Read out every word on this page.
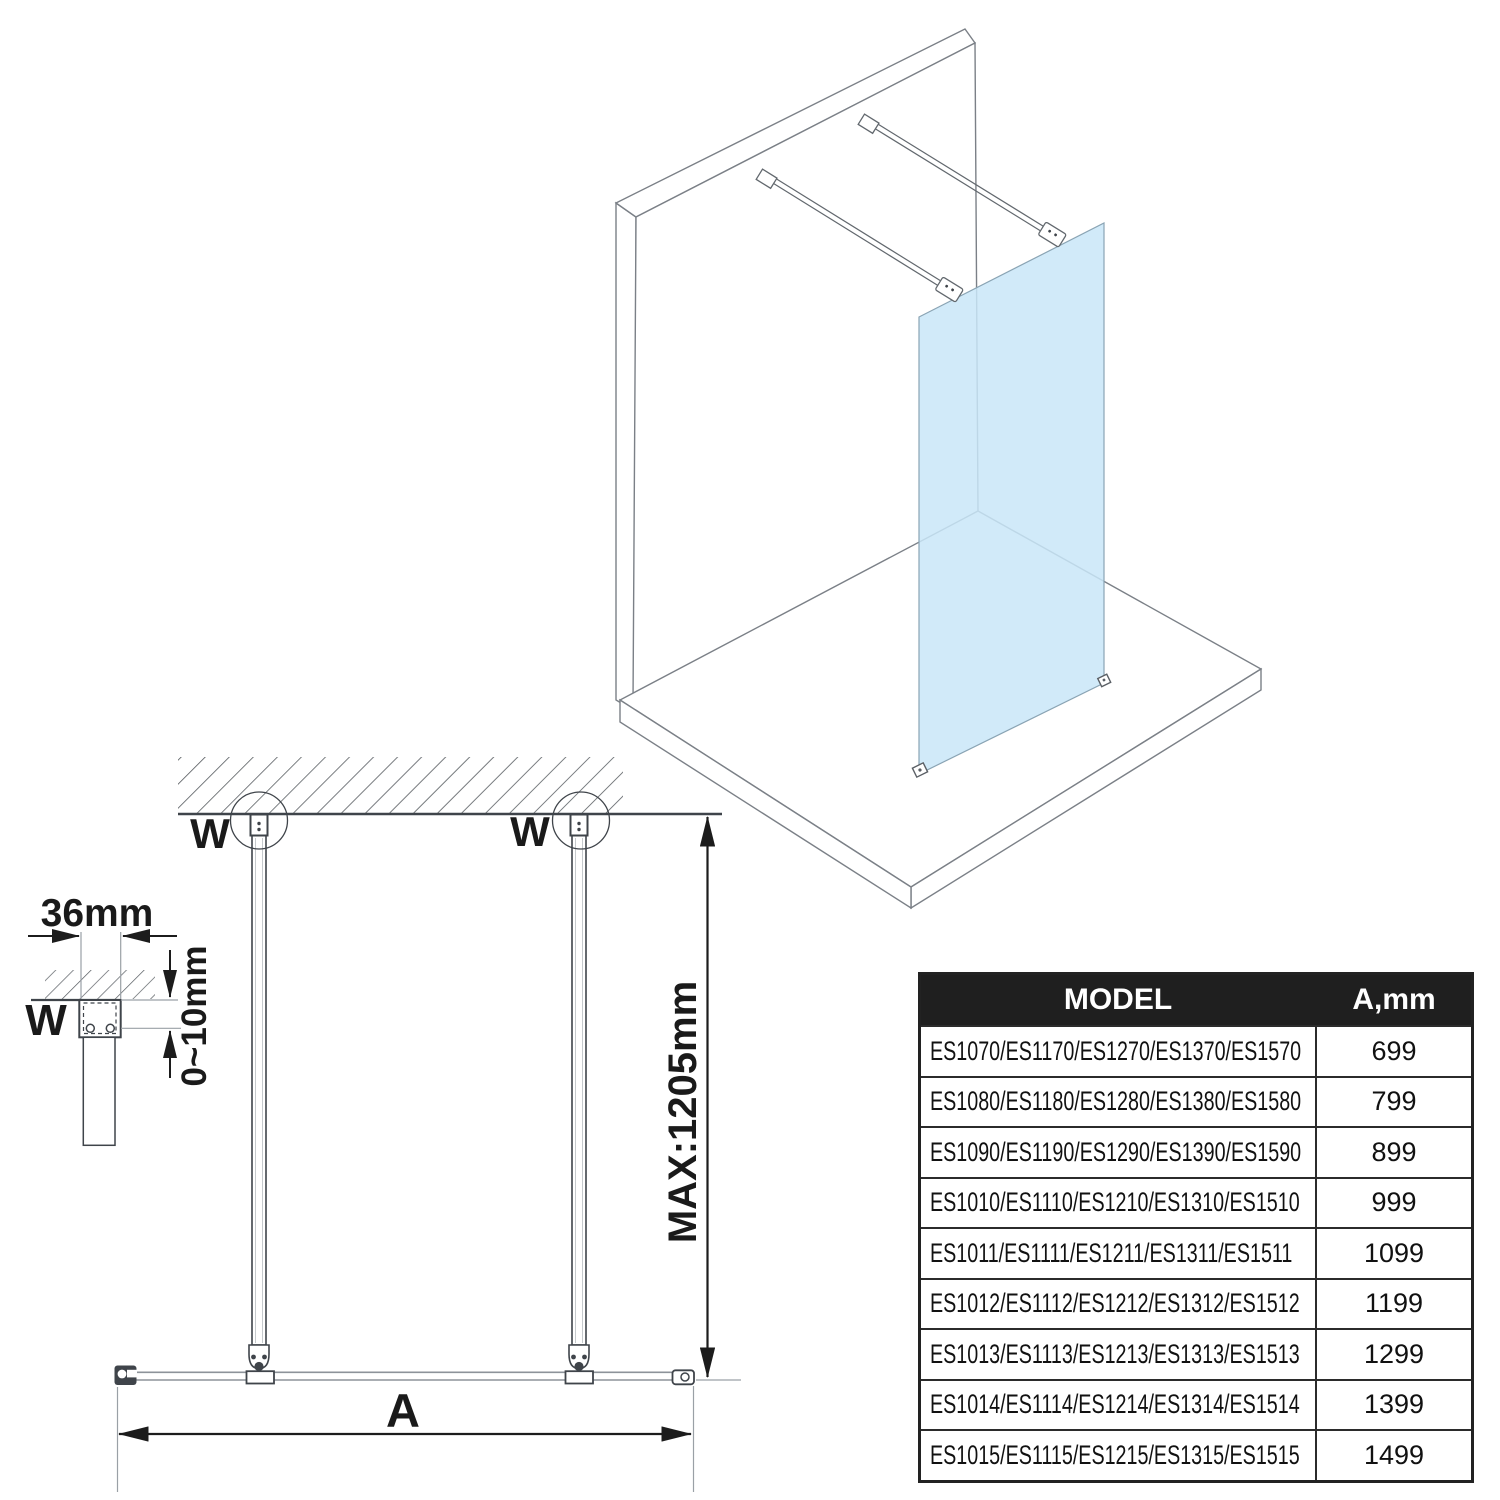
A
MAX:1205mm
W	W
36mm
0~10mm
W	MODEL	A,mm
ES1070/ES1170/ES1270/ES1370/ES1570	699
ES1080/ES1180/ES1280/ES1380/ES1580	799
ES1090/ES1190/ES1290/ES1390/ES1590	899
ES1010/ES1110/ES1210/ES1310/ES1510	999
ES1011/ES1111/ES1211/ES1311/ES1511	1099
ES1012/ES1112/ES1212/ES1312/ES1512	1199
ES1013/ES1113/ES1213/ES1313/ES1513	1299
ES1014/ES1114/ES1214/ES1314/ES1514	1399
ES1015/ES1115/ES1215/ES1315/ES1515	1499
